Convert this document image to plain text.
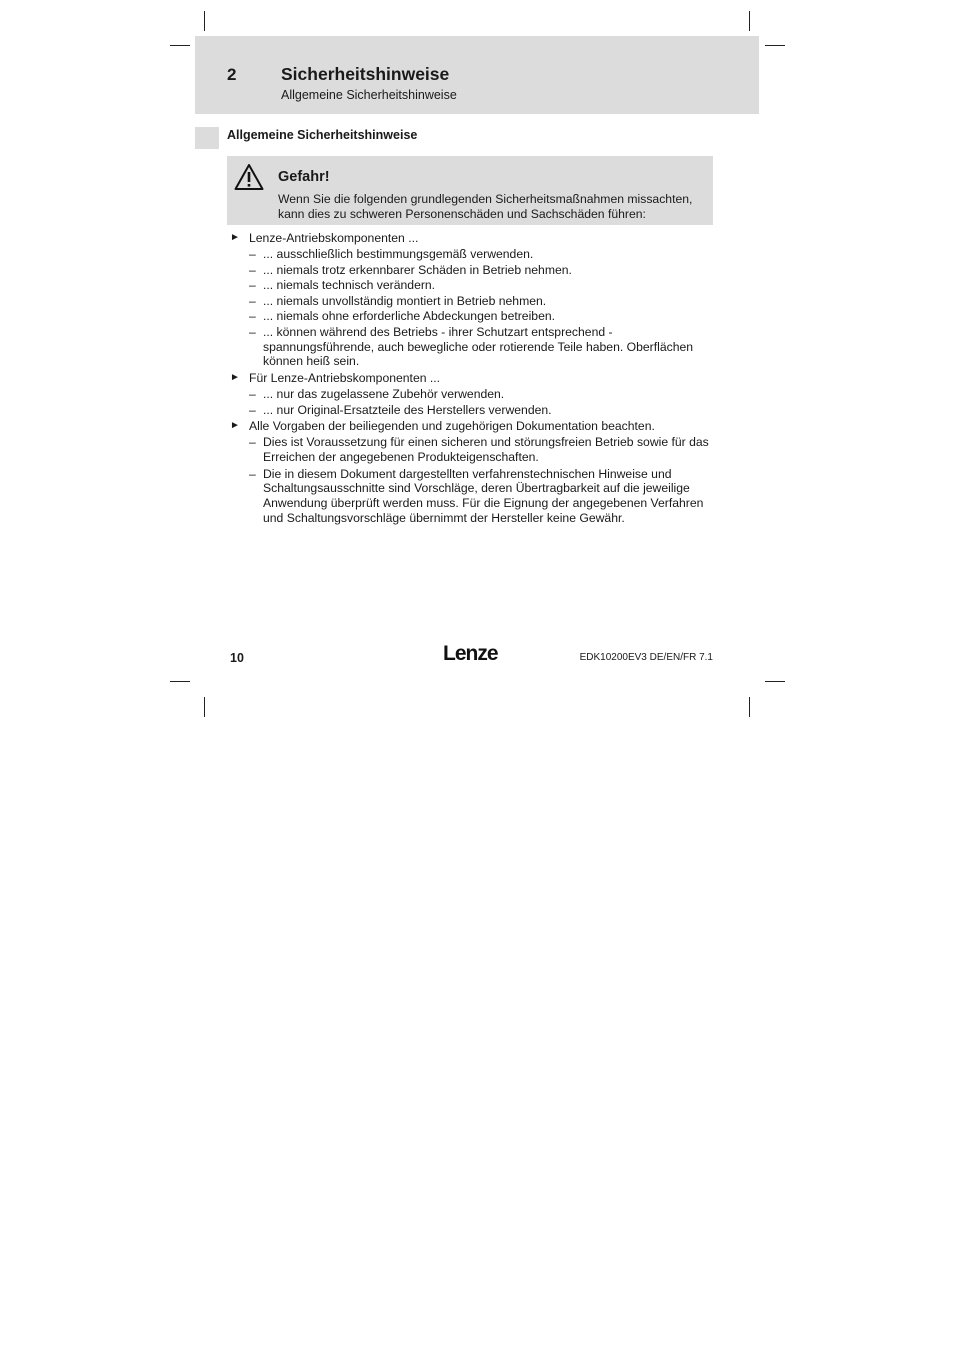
2	Sicherheitshinweise
Allgemeine Sicherheitshinweise
Allgemeine Sicherheitshinweise
Gefahr!
Wenn Sie die folgenden grundlegenden Sicherheitsmaßnahmen missachten, kann dies zu schweren Personenschäden und Sachschäden führen:
► Lenze-Antriebskomponenten ...
– ... ausschließlich bestimmungsgemäß verwenden.
– ... niemals trotz erkennbarer Schäden in Betrieb nehmen.
– ... niemals technisch verändern.
– ... niemals unvollständig montiert in Betrieb nehmen.
– ... niemals ohne erforderliche Abdeckungen betreiben.
– ... können während des Betriebs - ihrer Schutzart entsprechend - spannungsführende, auch bewegliche oder rotierende Teile haben. Oberflächen können heiß sein.
► Für Lenze-Antriebskomponenten ...
– ... nur das zugelassene Zubehör verwenden.
– ... nur Original-Ersatzteile des Herstellers verwenden.
► Alle Vorgaben der beiliegenden und zugehörigen Dokumentation beachten.
– Dies ist Voraussetzung für einen sicheren und störungsfreien Betrieb sowie für das Erreichen der angegebenen Produkteigenschaften.
– Die in diesem Dokument dargestellten verfahrenstechnischen Hinweise und Schaltungsausschnitte sind Vorschläge, deren Übertragbarkeit auf die jeweilige Anwendung überprüft werden muss. Für die Eignung der angegebenen Verfahren und Schaltungsvorschläge übernimmt der Hersteller keine Gewähr.
10	Lenze	EDK10200EV3 DE/EN/FR 7.1
